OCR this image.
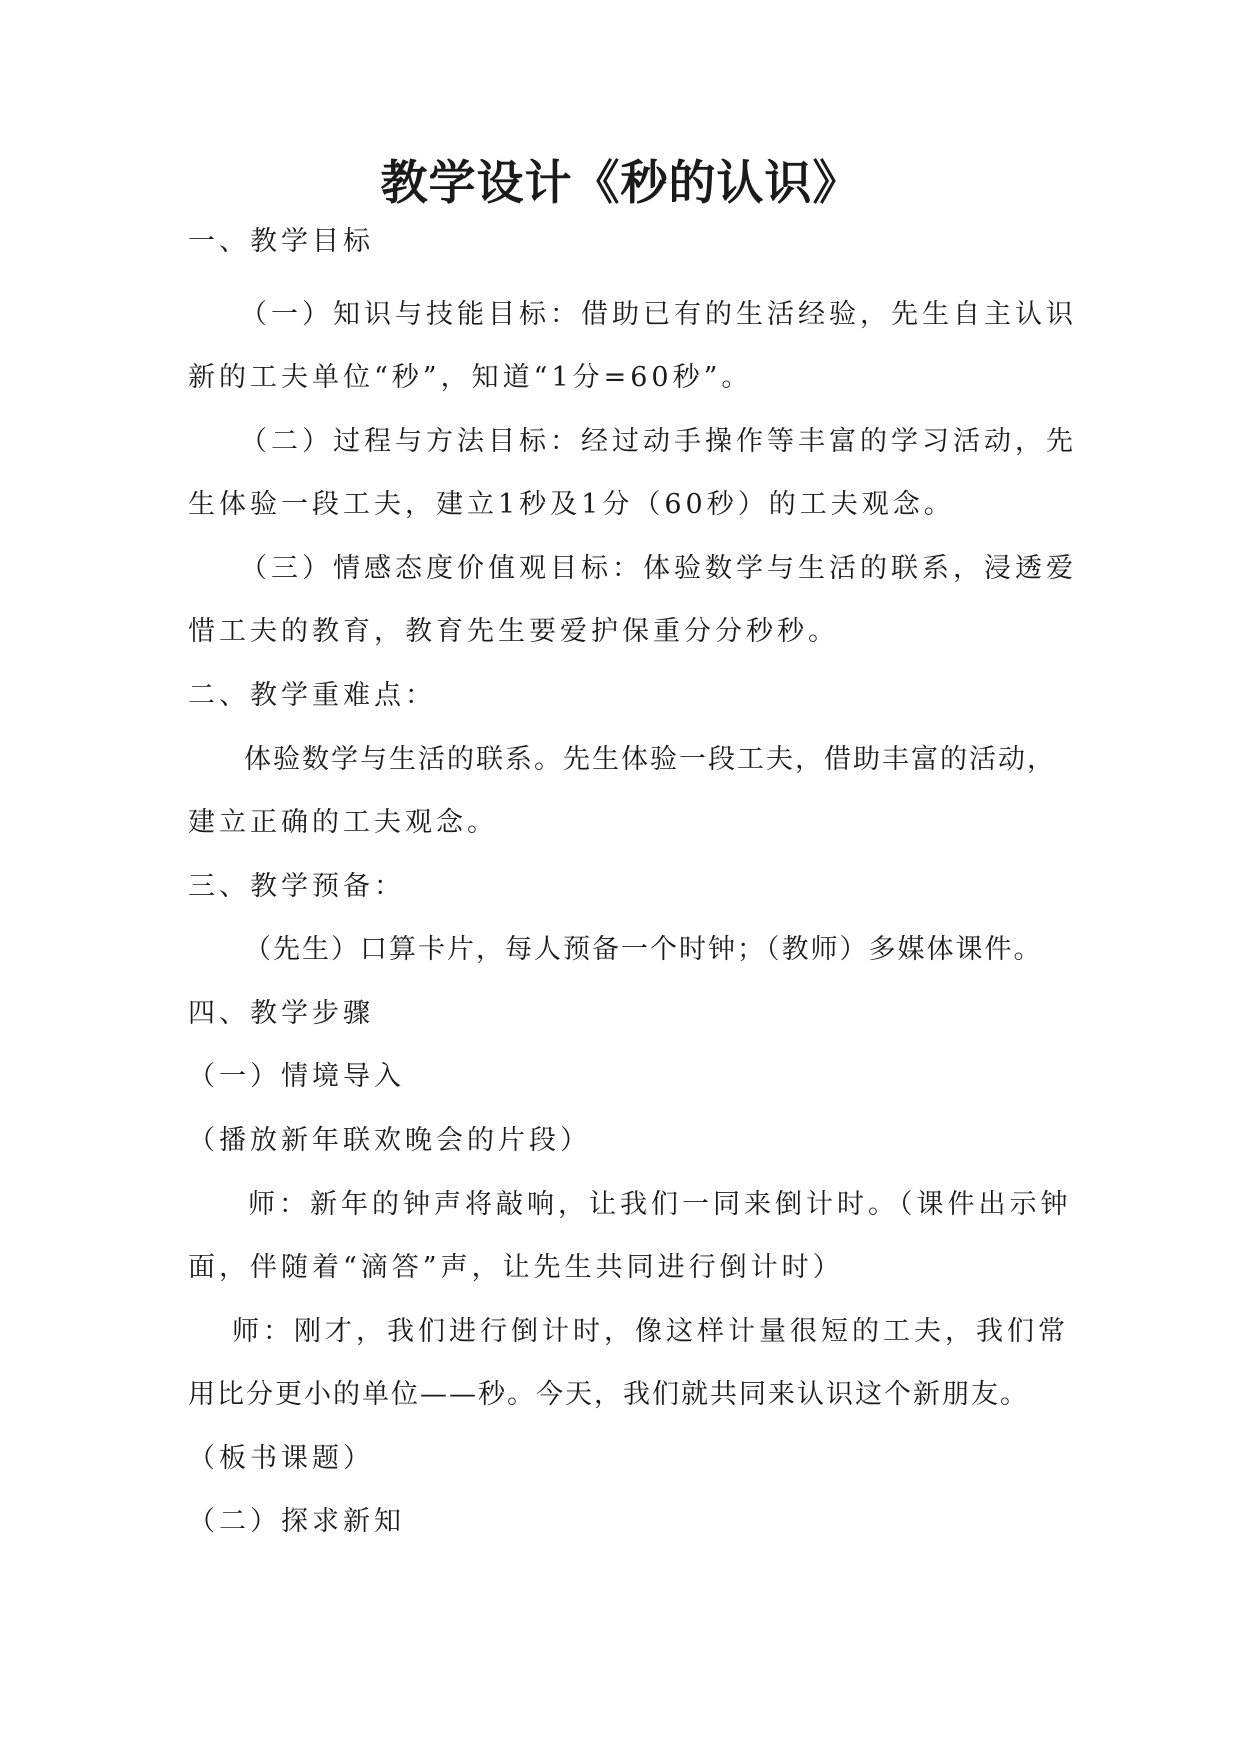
教学设计《秒的认识》

一、教学目标

（一）知识与技能目标：借助已有的生活经验，先生自主认识

新的工夫单位“秒”，知道“1分=60秒”。

（二）过程与方法目标：经过动手操作等丰富的学习活动，先

生体验一段工夫，建立1秒及1分（60秒）的工夫观念。

（三）情感态度价值观目标：体验数学与生活的联系，浸透爱

惜工夫的教育，教育先生要爱护保重分分秒秒。

二、教学重难点：

体验数学与生活的联系。先生体验一段工夫，借助丰富的活动，

建立正确的工夫观念。

三、教学预备：

（先生）口算卡片，每人预备一个时钟；（教师）多媒体课件。

四、教学步骤

（一）情境导入

（播放新年联欢晚会的片段）

师：新年的钟声将敲响，让我们一同来倒计时。（课件出示钟

面，伴随着“滴答”声，让先生共同进行倒计时）

师：刚才，我们进行倒计时，像这样计量很短的工夫，我们常

用比分更小的单位——秒。今天，我们就共同来认识这个新朋友。

（板书课题）

（二）探求新知
